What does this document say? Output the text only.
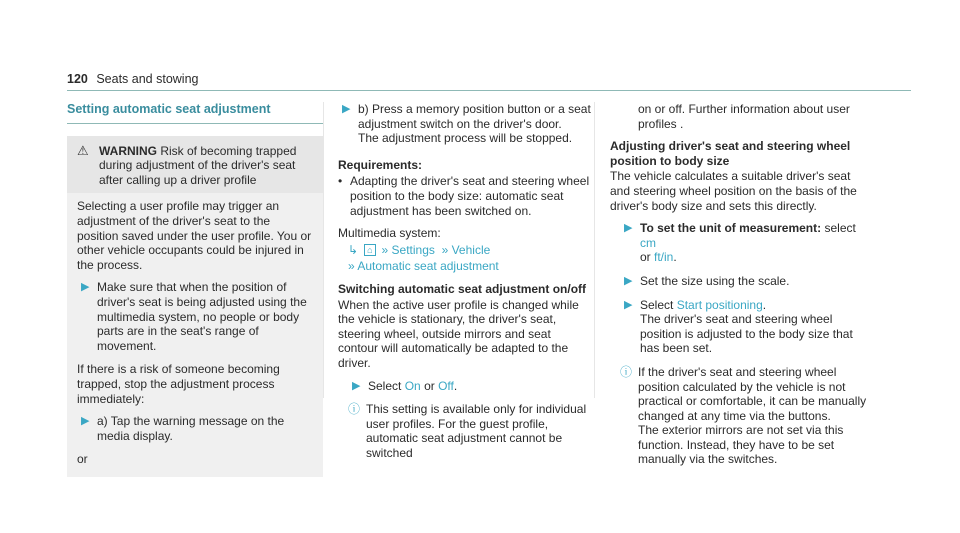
120 Seats and stowing
Setting automatic seat adjustment
⚠ WARNING Risk of becoming trapped during adjustment of the driver's seat after calling up a driver profile

Selecting a user profile may trigger an adjustment of the driver's seat to the position saved under the user profile. You or other vehicle occupants could be injured in the process.

▶ Make sure that when the position of driver's seat is being adjusted using the multimedia system, no people or body parts are in the seat's range of movement.

If there is a risk of someone becoming trapped, stop the adjustment process immediately:

▶ a) Tap the warning message on the media display.

or

▶ b) Press a memory position button or a seat adjustment switch on the driver's door.
The adjustment process will be stopped.

Requirements:

• Adapting the driver's seat and steering wheel position to the body size: automatic seat adjustment has been switched on.

Multimedia system:

↳ ⌂ » Settings  » Vehicle
» Automatic seat adjustment

Switching automatic seat adjustment on/off

When the active user profile is changed while the vehicle is stationary, the driver's seat, steering wheel, outside mirrors and seat contour will automatically be adapted to the driver.

▶ Select On or Off.
ⓘ This setting is available only for individual user profiles. For the guest profile, automatic seat adjustment cannot be switched

on or off. Further information about user profiles .

Adjusting driver's seat and steering wheel position to body size

The vehicle calculates a suitable driver's seat and steering wheel position on the basis of the driver's body size and sets this directly.

▶ To set the unit of measurement: select cm
or ft/in.
▶ Set the size using the scale.
▶ Select Start positioning.
The driver's seat and steering wheel position is adjusted to the body size that has been set.
ⓘ If the driver's seat and steering wheel position calculated by the vehicle is not practical or comfortable, it can be manually changed at any time via the buttons.
The exterior mirrors are not set via this function. Instead, they have to be set manually via the switches.
